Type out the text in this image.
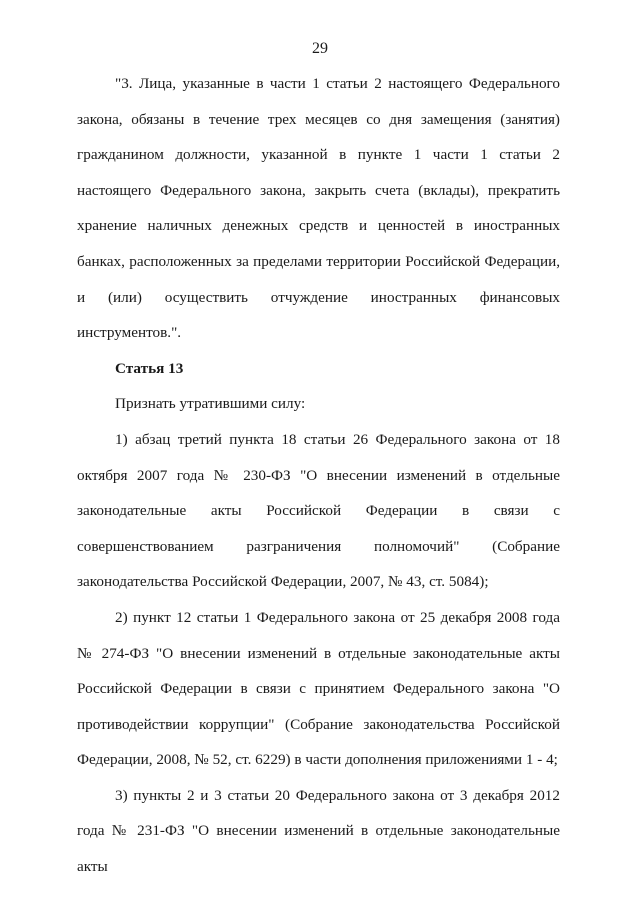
29

"3. Лица, указанные в части 1 статьи 2 настоящего Федерального закона, обязаны в течение трех месяцев со дня замещения (занятия) гражданином должности, указанной в пункте 1 части 1 статьи 2 настоящего Федерального закона, закрыть счета (вклады), прекратить хранение наличных денежных средств и ценностей в иностранных банках, расположенных за пределами территории Российской Федерации, и (или) осуществить отчуждение иностранных финансовых инструментов.".

Статья 13

Признать утратившими силу:

1) абзац третий пункта 18 статьи 26 Федерального закона от 18 октября 2007 года № 230-ФЗ "О внесении изменений в отдельные законодательные акты Российской Федерации в связи с совершенствованием разграничения полномочий" (Собрание законодательства Российской Федерации, 2007, № 43, ст. 5084);

2) пункт 12 статьи 1 Федерального закона от 25 декабря 2008 года № 274-ФЗ "О внесении изменений в отдельные законодательные акты Российской Федерации в связи с принятием Федерального закона "О противодействии коррупции" (Собрание законодательства Российской Федерации, 2008, № 52, ст. 6229) в части дополнения приложениями 1 - 4;

3) пункты 2 и 3 статьи 20 Федерального закона от 3 декабря 2012 года № 231-ФЗ "О внесении изменений в отдельные законодательные акты
